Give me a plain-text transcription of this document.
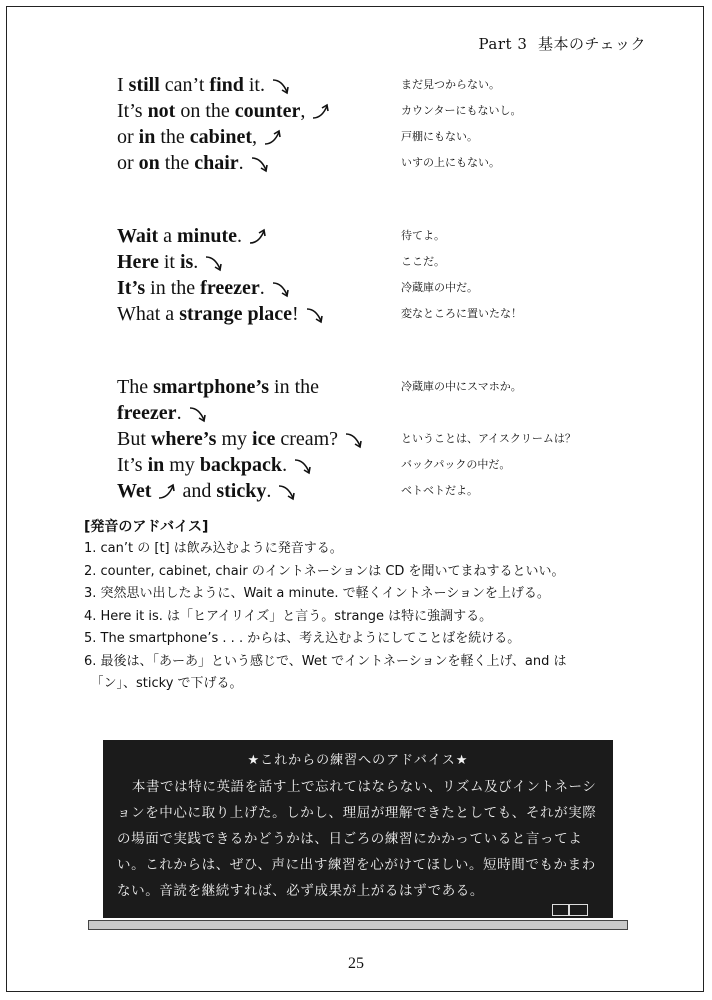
Part 3 基本のチェック
I still can’t find it.	まだ見つからない。
It’s not on the counter,	カウンターにもないし。
or in the cabinet,	戸棚にもない。
or on the chair.	いすの上にもない。
Wait a minute.	待てよ。
Here it is.	ここだ。
It’s in the freezer.	冷蔵庫の中だ。
What a strange place!	変なところに置いたな！
The smartphone’s in the	冷蔵庫の中にスマホか。
freezer.
But where’s my ice cream?	ということは、アイスクリームは？
It’s in my backpack.	バックパックの中だ。
Wet and sticky.	ベトベトだよ。
[発音のアドバイス]
1. can’t の [t] は飲み込むように発音する。
2. counter, cabinet, chair のイントネーションは CD を聞いてまねするといい。
3. 突然思い出したように、Wait a minute. で軽くイントネーションを上げる。
4. Here it is. は「ヒアイリイズ」と言う。strange は特に強調する。
5. The smartphone’s . . . からは、考え込むようにしてことばを続ける。
6. 最後は、「あーあ」という感じで、Wet でイントネーションを軽く上げ、and は
　「ン」、sticky で下げる。
★これからの練習へのアドバイス★
本書では特に英語を話す上で忘れてはならない、リズム及びイントネーションを中心に取り上げた。しかし、理屈が理解できたとしても、それが実際の場面で実践できるかどうかは、日ごろの練習にかかっていると言ってよい。これからは、ぜひ、声に出す練習を心がけてほしい。短時間でもかまわない。音読を継続すれば、必ず成果が上がるはずである。
25
